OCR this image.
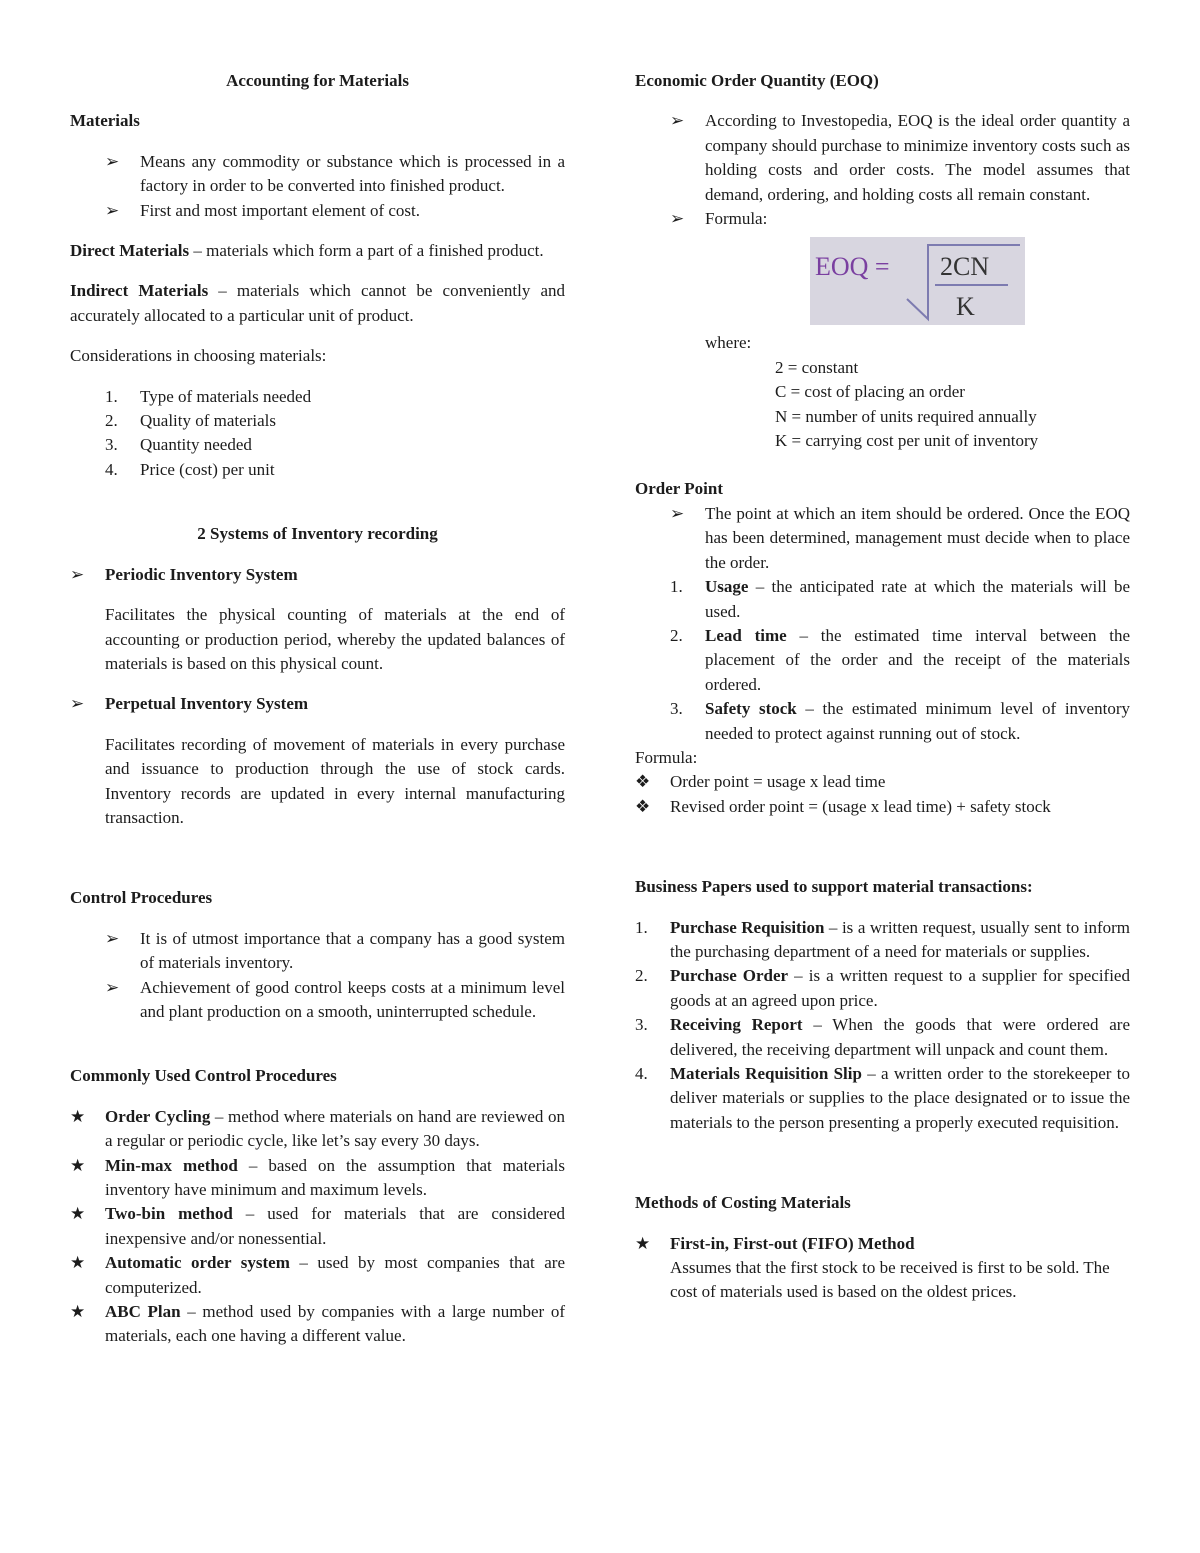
Accounting for Materials

Materials

➢ Means any commodity or substance which is processed in a factory in order to be converted into finished product.

➢ First and most important element of cost.

Direct Materials – materials which form a part of a finished product.

Indirect Materials – materials which cannot be conveniently and accurately allocated to a particular unit of product.

Considerations in choosing materials:

1. Type of materials needed

2. Quality of materials

3. Quantity needed

4. Price (cost) per unit

2 Systems of Inventory recording

➢ Periodic Inventory System

Facilitates the physical counting of materials at the end of accounting or production period, whereby the updated balances of materials is based on this physical count.

➢ Perpetual Inventory System

Facilitates recording of movement of materials in every purchase and issuance to production through the use of stock cards. Inventory records are updated in every internal manufacturing transaction.

Control Procedures

➢ It is of utmost importance that a company has a good system of materials inventory.

➢ Achievement of good control keeps costs at a minimum level and plant production on a smooth, uninterrupted schedule.

Commonly Used Control Procedures

★ Order Cycling – method where materials on hand are reviewed on a regular or periodic cycle, like let’s say every 30 days.

★ Min-max method – based on the assumption that materials inventory have minimum and maximum levels.

★ Two-bin method – used for materials that are considered inexpensive and/or nonessential.

★ Automatic order system – used by most companies that are computerized.

★ ABC Plan – method used by companies with a large number of materials, each one having a different value.

Economic Order Quantity (EOQ)

➢ According to Investopedia, EOQ is the ideal order quantity a company should purchase to minimize inventory costs such as holding costs and order costs. The model assumes that demand, ordering, and holding costs all remain constant.

➢ Formula:

EOQ = 2CN
K

where:

2 = constant

C = cost of placing an order

N = number of units required annually

K = carrying cost per unit of inventory

Order Point

➢ The point at which an item should be ordered. Once the EOQ has been determined, management must decide when to place the order.

1. Usage – the anticipated rate at which the materials will be used.

2. Lead time – the estimated time interval between the placement of the order and the receipt of the materials ordered.

3. Safety stock – the estimated minimum level of inventory needed to protect against running out of stock.

Formula:

❖ Order point = usage x lead time

❖ Revised order point = (usage x lead time) + safety stock

Business Papers used to support material transactions:

1. Purchase Requisition – is a written request, usually sent to inform the purchasing department of a need for materials or supplies.

2. Purchase Order – is a written request to a supplier for specified goods at an agreed upon price.

3. Receiving Report – When the goods that were ordered are delivered, the receiving department will unpack and count them.

4. Materials Requisition Slip – a written order to the storekeeper to deliver materials or supplies to the place designated or to issue the materials to the person presenting a properly executed requisition.

Methods of Costing Materials

★ First-in, First-out (FIFO) Method

Assumes that the first stock to be received is first to be sold. The cost of materials used is based on the oldest prices.
